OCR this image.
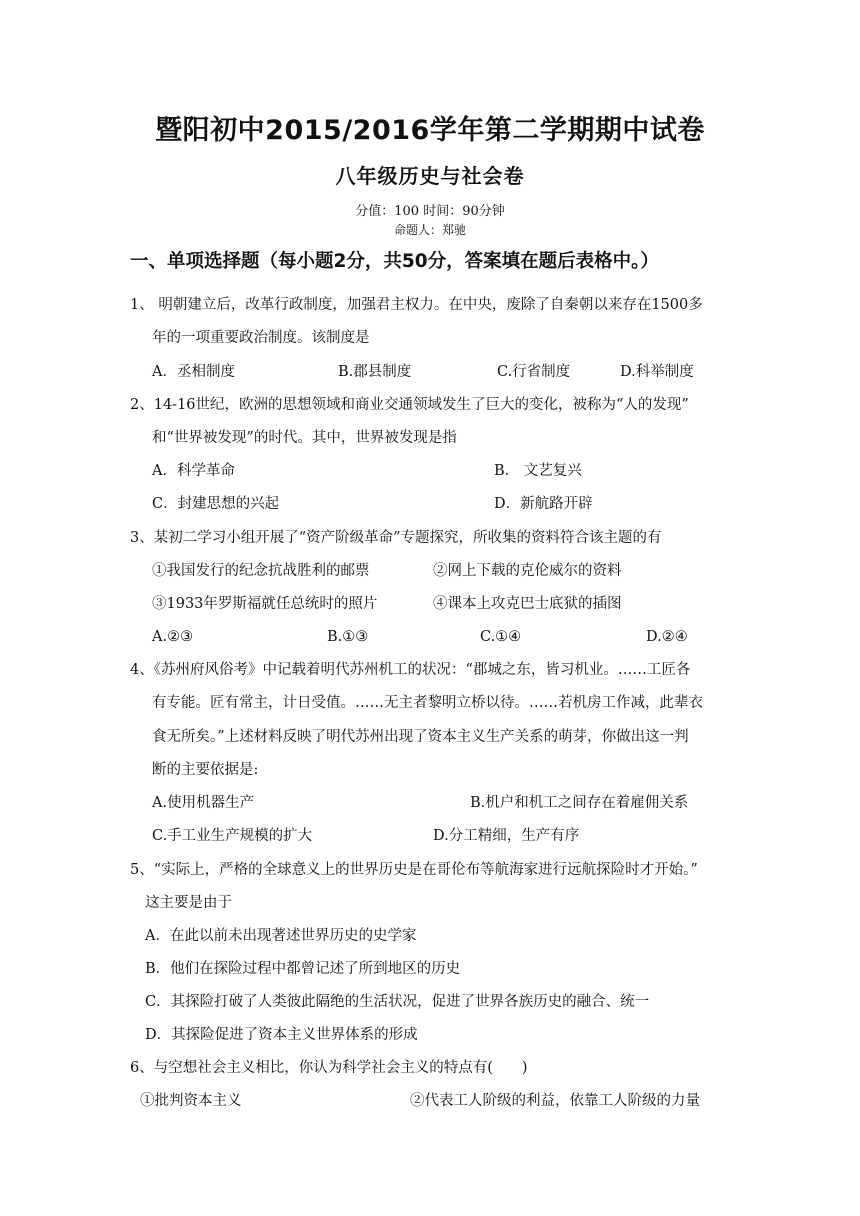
暨阳初中2015/2016学年第二学期期中试卷
八年级历史与社会卷
分值：100 时间：90分钟
命题人：郑驰
一、单项选择题（每小题2分，共50分，答案填在题后表格中。）
1、 明朝建立后，改革行政制度，加强君主权力。在中央，废除了自秦朝以来存在1500多
年的一项重要政治制度。该制度是
A．丞相制度	B.郡县制度	C.行省制度	D.科举制度
2、14-16世纪，欧洲的思想领域和商业交通领域发生了巨大的变化，被称为“人的发现”
和“世界被发现”的时代。其中，世界被发现是指
A．科学革命	B． 文艺复兴
C．封建思想的兴起	D．新航路开辟
3、某初二学习小组开展了“资产阶级革命”专题探究，所收集的资料符合该主题的有
①我国发行的纪念抗战胜利的邮票	②网上下载的克伦威尔的资料
③1933年罗斯福就任总统时的照片	④课本上攻克巴士底狱的插图
A.②③	B.①③	C.①④	D.②④
4、《苏州府风俗考》中记载着明代苏州机工的状况：“郡城之东，皆习机业。……工匠各
有专能。匠有常主，计日受值。……无主者黎明立桥以待。……若机房工作减，此辈衣
食无所矣。”上述材料反映了明代苏州出现了资本主义生产关系的萌芽，你做出这一判
断的主要依据是:
A.使用机器生产	B.机户和机工之间存在着雇佣关系
C.手工业生产规模的扩大	D.分工精细，生产有序
5、“实际上，严格的全球意义上的世界历史是在哥伦布等航海家进行远航探险时才开始。”
这主要是由于
A．在此以前未出现著述世界历史的史学家
B．他们在探险过程中都曾记述了所到地区的历史
C．其探险打破了人类彼此隔绝的生活状况，促进了世界各族历史的融合、统一
D．其探险促进了资本主义世界体系的形成
6、与空想社会主义相比，你认为科学社会主义的特点有(　　)
①批判资本主义	②代表工人阶级的利益，依靠工人阶级的力量
